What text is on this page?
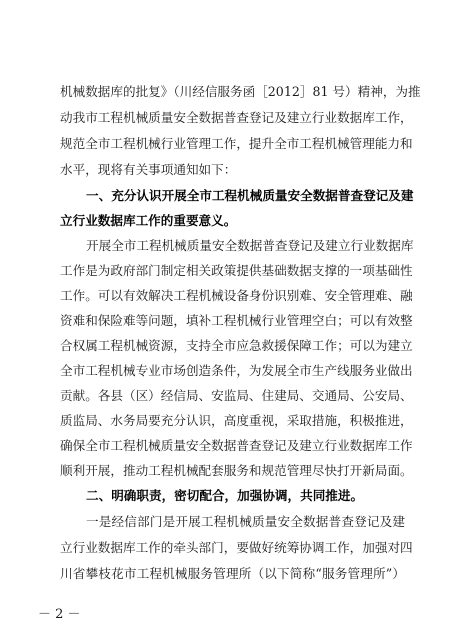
机械数据库的批复》（川经信服务函［2012］81 号）精神，为推
动我市工程机械质量安全数据普查登记及建立行业数据库工作，
规范全市工程机械行业管理工作，提升全市工程机械管理能力和
水平，现将有关事项通知如下：
一、充分认识开展全市工程机械质量安全数据普查登记及建
立行业数据库工作的重要意义。
开展全市工程机械质量安全数据普查登记及建立行业数据库
工作是为政府部门制定相关政策提供基础数据支撑的一项基础性
工作。可以有效解决工程机械设备身份识别难、安全管理难、融
资难和保险难等问题，填补工程机械行业管理空白；可以有效整
合权属工程机械资源，支持全市应急救援保障工作；可以为建立
全市工程机械专业市场创造条件，为发展全市生产线服务业做出
贡献。各县（区）经信局、安监局、住建局、交通局、公安局、
质监局、水务局要充分认识，高度重视，采取措施，积极推进，
确保全市工程机械质量安全数据普查登记及建立行业数据库工作
顺利开展，推动工程机械配套服务和规范管理尽快打开新局面。
二、明确职责，密切配合，加强协调，共同推进。
一是经信部门是开展工程机械质量安全数据普查登记及建
立行业数据库工作的牵头部门，要做好统筹协调工作，加强对四
川省攀枝花市工程机械服务管理所（以下简称“服务管理所”）
－ 2 －
